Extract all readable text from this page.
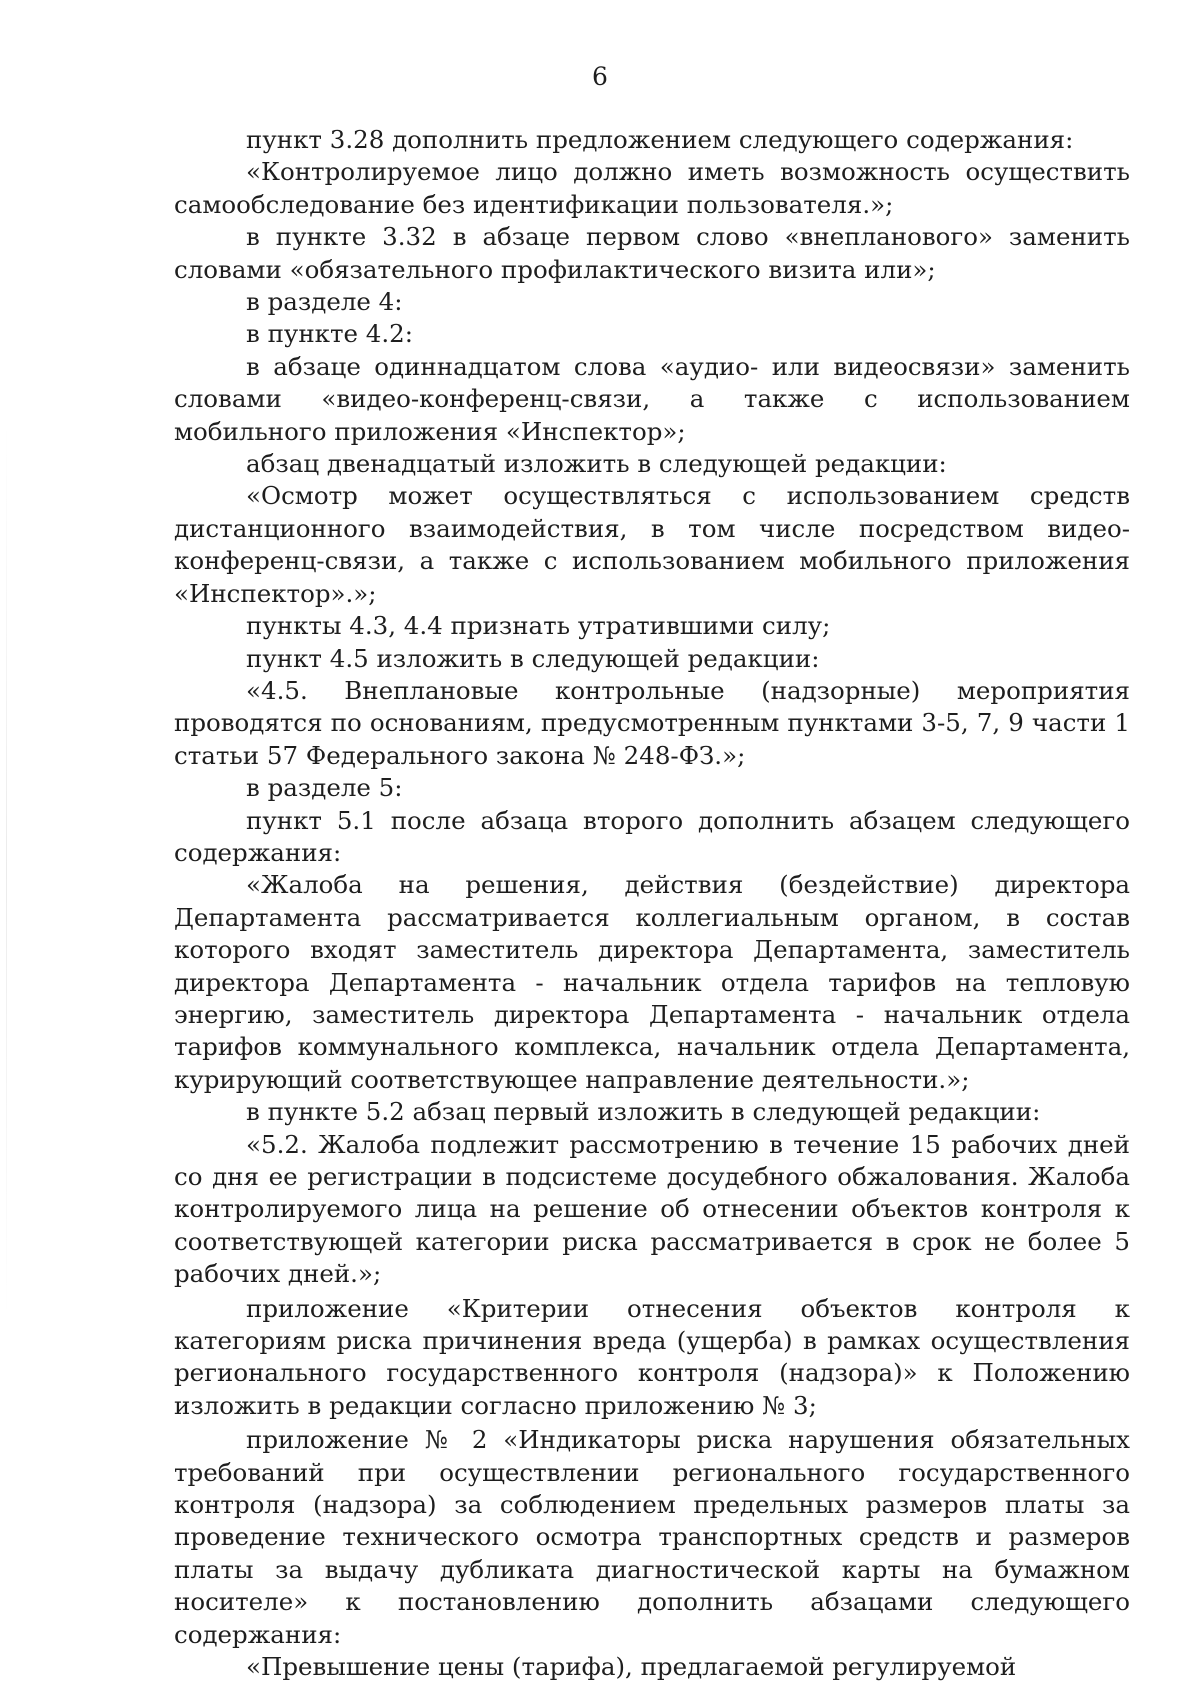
6

пункт 3.28 дополнить предложением следующего содержания:

«Контролируемое лицо должно иметь возможность осуществить самообследование без идентификации пользователя.»;

в пункте 3.32 в абзаце первом слово «внепланового» заменить словами «обязательного профилактического визита или»;

в разделе 4:

в пункте 4.2:

в абзаце одиннадцатом слова «аудио- или видеосвязи» заменить словами «видео-конференц-связи, а также с использованием мобильного приложения «Инспектор»;

абзац двенадцатый изложить в следующей редакции:

«Осмотр может осуществляться с использованием средств дистанционного взаимодействия, в том числе посредством видео-конференц-связи, а также с использованием мобильного приложения «Инспектор».»;

пункты 4.3, 4.4 признать утратившими силу;

пункт 4.5 изложить в следующей редакции:

«4.5. Внеплановые контрольные (надзорные) мероприятия проводятся по основаниям, предусмотренным пунктами 3-5, 7, 9 части 1 статьи 57 Федерального закона № 248-ФЗ.»;

в разделе 5:

пункт 5.1 после абзаца второго дополнить абзацем следующего содержания:

«Жалоба на решения, действия (бездействие) директора Департамента рассматривается коллегиальным органом, в состав которого входят заместитель директора Департамента, заместитель директора Департамента - начальник отдела тарифов на тепловую энергию, заместитель директора Департамента - начальник отдела тарифов коммунального комплекса, начальник отдела Департамента, курирующий соответствующее направление деятельности.»;

в пункте 5.2 абзац первый изложить в следующей редакции:

«5.2. Жалоба подлежит рассмотрению в течение 15 рабочих дней со дня ее регистрации в подсистеме досудебного обжалования. Жалоба контролируемого лица на решение об отнесении объектов контроля к соответствующей категории риска рассматривается в срок не более 5 рабочих дней.»;

приложение «Критерии отнесения объектов контроля к категориям риска причинения вреда (ущерба) в рамках осуществления регионального государственного контроля (надзора)» к Положению изложить в редакции согласно приложению № 3;

приложение № 2 «Индикаторы риска нарушения обязательных требований при осуществлении регионального государственного контроля (надзора) за соблюдением предельных размеров платы за проведение технического осмотра транспортных средств и размеров платы за выдачу дубликата диагностической карты на бумажном носителе» к постановлению дополнить абзацами следующего содержания:

«Превышение цены (тарифа), предлагаемой регулируемой
